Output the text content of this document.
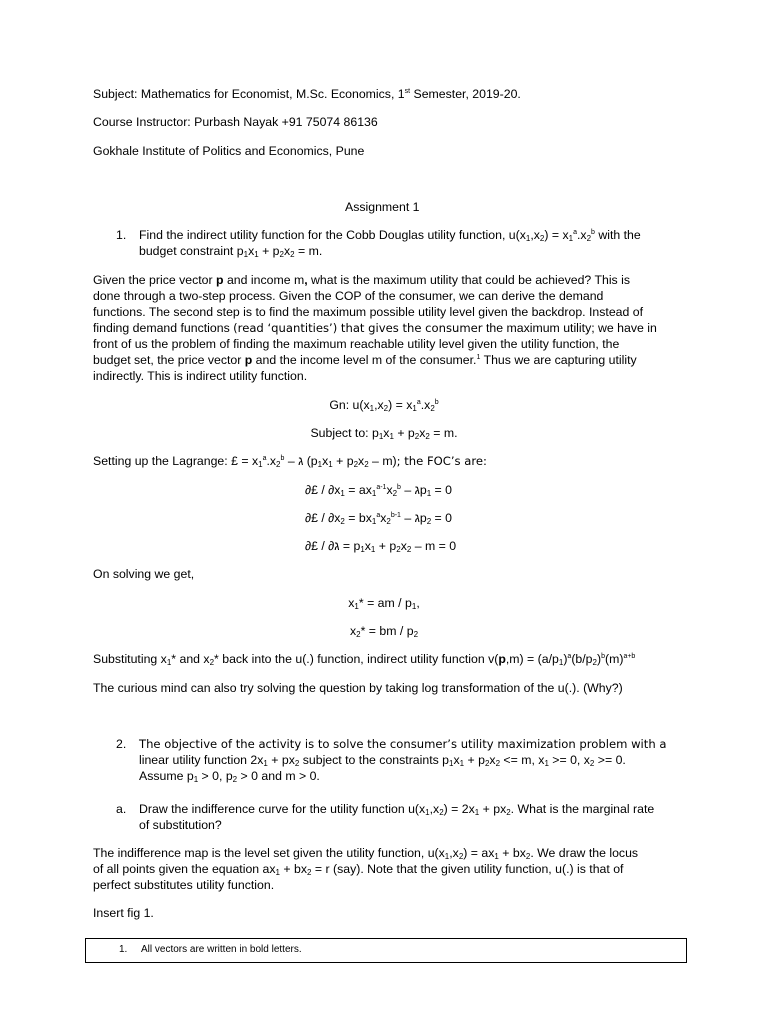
Subject: Mathematics for Economist, M.Sc. Economics, 1st Semester, 2019-20.
Course Instructor: Purbash Nayak +91 75074 86136
Gokhale Institute of Politics and Economics, Pune
Assignment 1
1. Find the indirect utility function for the Cobb Douglas utility function, $u(x_1,x_2) = x_1^a.x_2^b$ with the
budget constraint $p_1x_1 + p_2x_2 = m$.
Given the price vector p and income m, what is the maximum utility that could be achieved? This is
done through a two-step process. Given the COP of the consumer, we can derive the demand
functions. The second step is to find the maximum possible utility level given the backdrop. Instead of
finding demand functions (read ‘quantities’) that gives the consumer the maximum utility; we have in
front of us the problem of finding the maximum reachable utility level given the utility function, the
budget set, the price vector p and the income level m of the consumer.$^1$ Thus we are capturing utility
indirectly. This is indirect utility function.
Gn: $u(x_1,x_2) = x_1^a.x_2^b$
Subject to: $p_1x_1 + p_2x_2 = m$.
Setting up the Lagrange: £ = $x_1^a.x_2^b$ – ג $(p_1x_1 + p_2x_2 - m)$; the FOC’s are:
∂£ / $\partial x_1 = ax_1^{a-1}x_2^b$ – גp$_1$ = 0
∂£ / $\partial x_2 = bx_1^ax_2^{b-1}$ – גp$_2$ = 0
∂£ / ∂ג = $p_1x_1 + p_2x_2 - m = 0$
On solving we get,
$x_1*$ = am / $p_1$,
$x_2*$ = bm / $p_2$
Substituting $x_1*$ and $x_2*$ back into the u(.) function, indirect utility function $v(p,m) = (a/p_1)^a(b/p_2)^b(m)^{a+b}$
The curious mind can also try solving the question by taking log transformation of the u(.). (Why?)
2. The objective of the activity is to solve the consumer’s utility maximization problem with a
linear utility function $2x_1 + px_2$ subject to the constraints $p_1x_1 + p_2x_2 <= m$, $x_1 >= 0$, $x_2 >= 0$.
Assume $p_1 > 0$, $p_2 > 0$ and m > 0.
a. Draw the indifference curve for the utility function $u(x_1,x_2) = 2x_1 + px_2$. What is the marginal rate
of substitution?
The indifference map is the level set given the utility function, $u(x_1,x_2) = ax_1 + bx_2$. We draw the locus
of all points given the equation $ax_1 + bx_2 = r$ (say). Note that the given utility function, u(.) is that of
perfect substitutes utility function.
Insert fig 1.
1. All vectors are written in bold letters.
